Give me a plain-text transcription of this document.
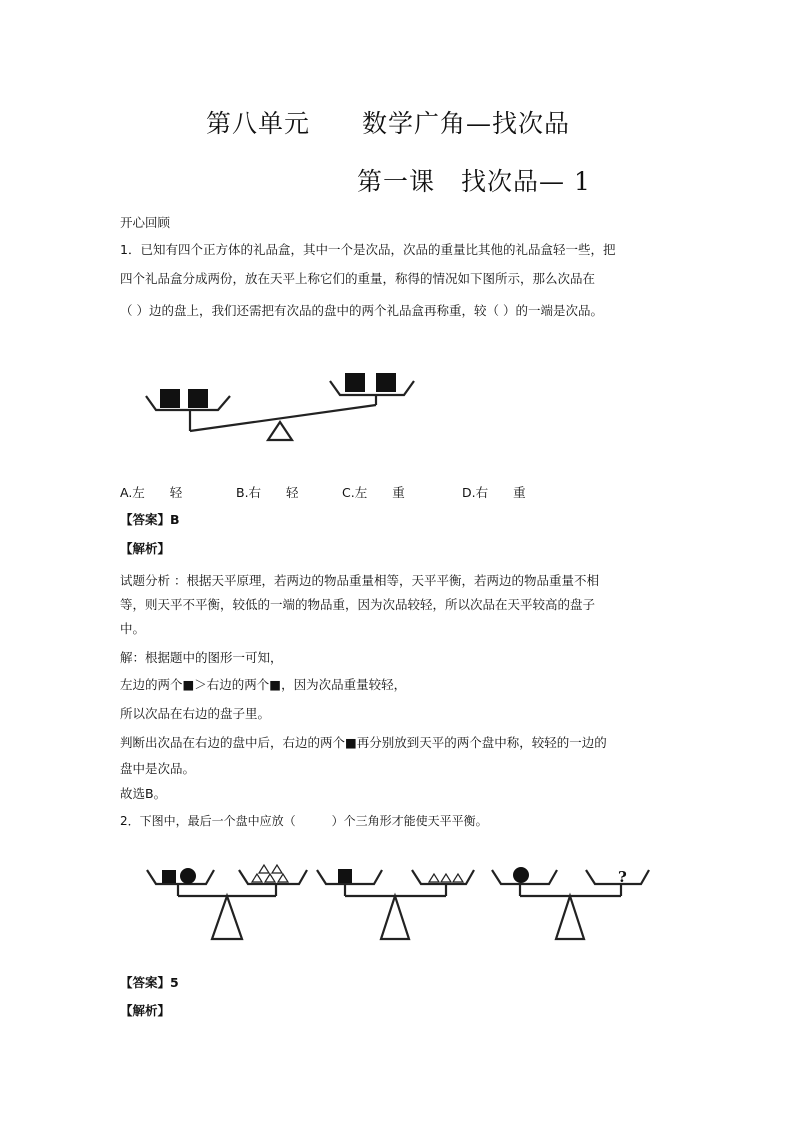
第八单元　　数学广角—找次品
第一课　找次品— 1
开心回顾
1．已知有四个正方体的礼品盒，其中一个是次品，次品的重量比其他的礼品盒轻一些，把
四个礼品盒分成两份，放在天平上称它们的重量，称得的情况如下图所示，那么次品在
（ ）边的盘上，我们还需把有次品的盘中的两个礼品盒再称重，较（ ）的一端是次品。
A.左　　轻	B.右　　轻	C.左　　重	D.右　　重
【答案】B
【解析】
试题分析 ：根据天平原理，若两边的物品重量相等，天平平衡，若两边的物品重量不相
等，则天平不平衡，较低的一端的物品重，因为次品较轻，所以次品在天平较高的盘子
中。
解：根据题中的图形一可知，
左边的两个■＞右边的两个■，因为次品重量较轻，
所以次品在右边的盘子里。
判断出次品在右边的盘中后，右边的两个■再分别放到天平的两个盘中称，较轻的一边的
盘中是次品。
故选B。
2．下图中，最后一个盘中应放（　　　）个三角形才能使天平平衡。
?
【答案】5
【解析】
